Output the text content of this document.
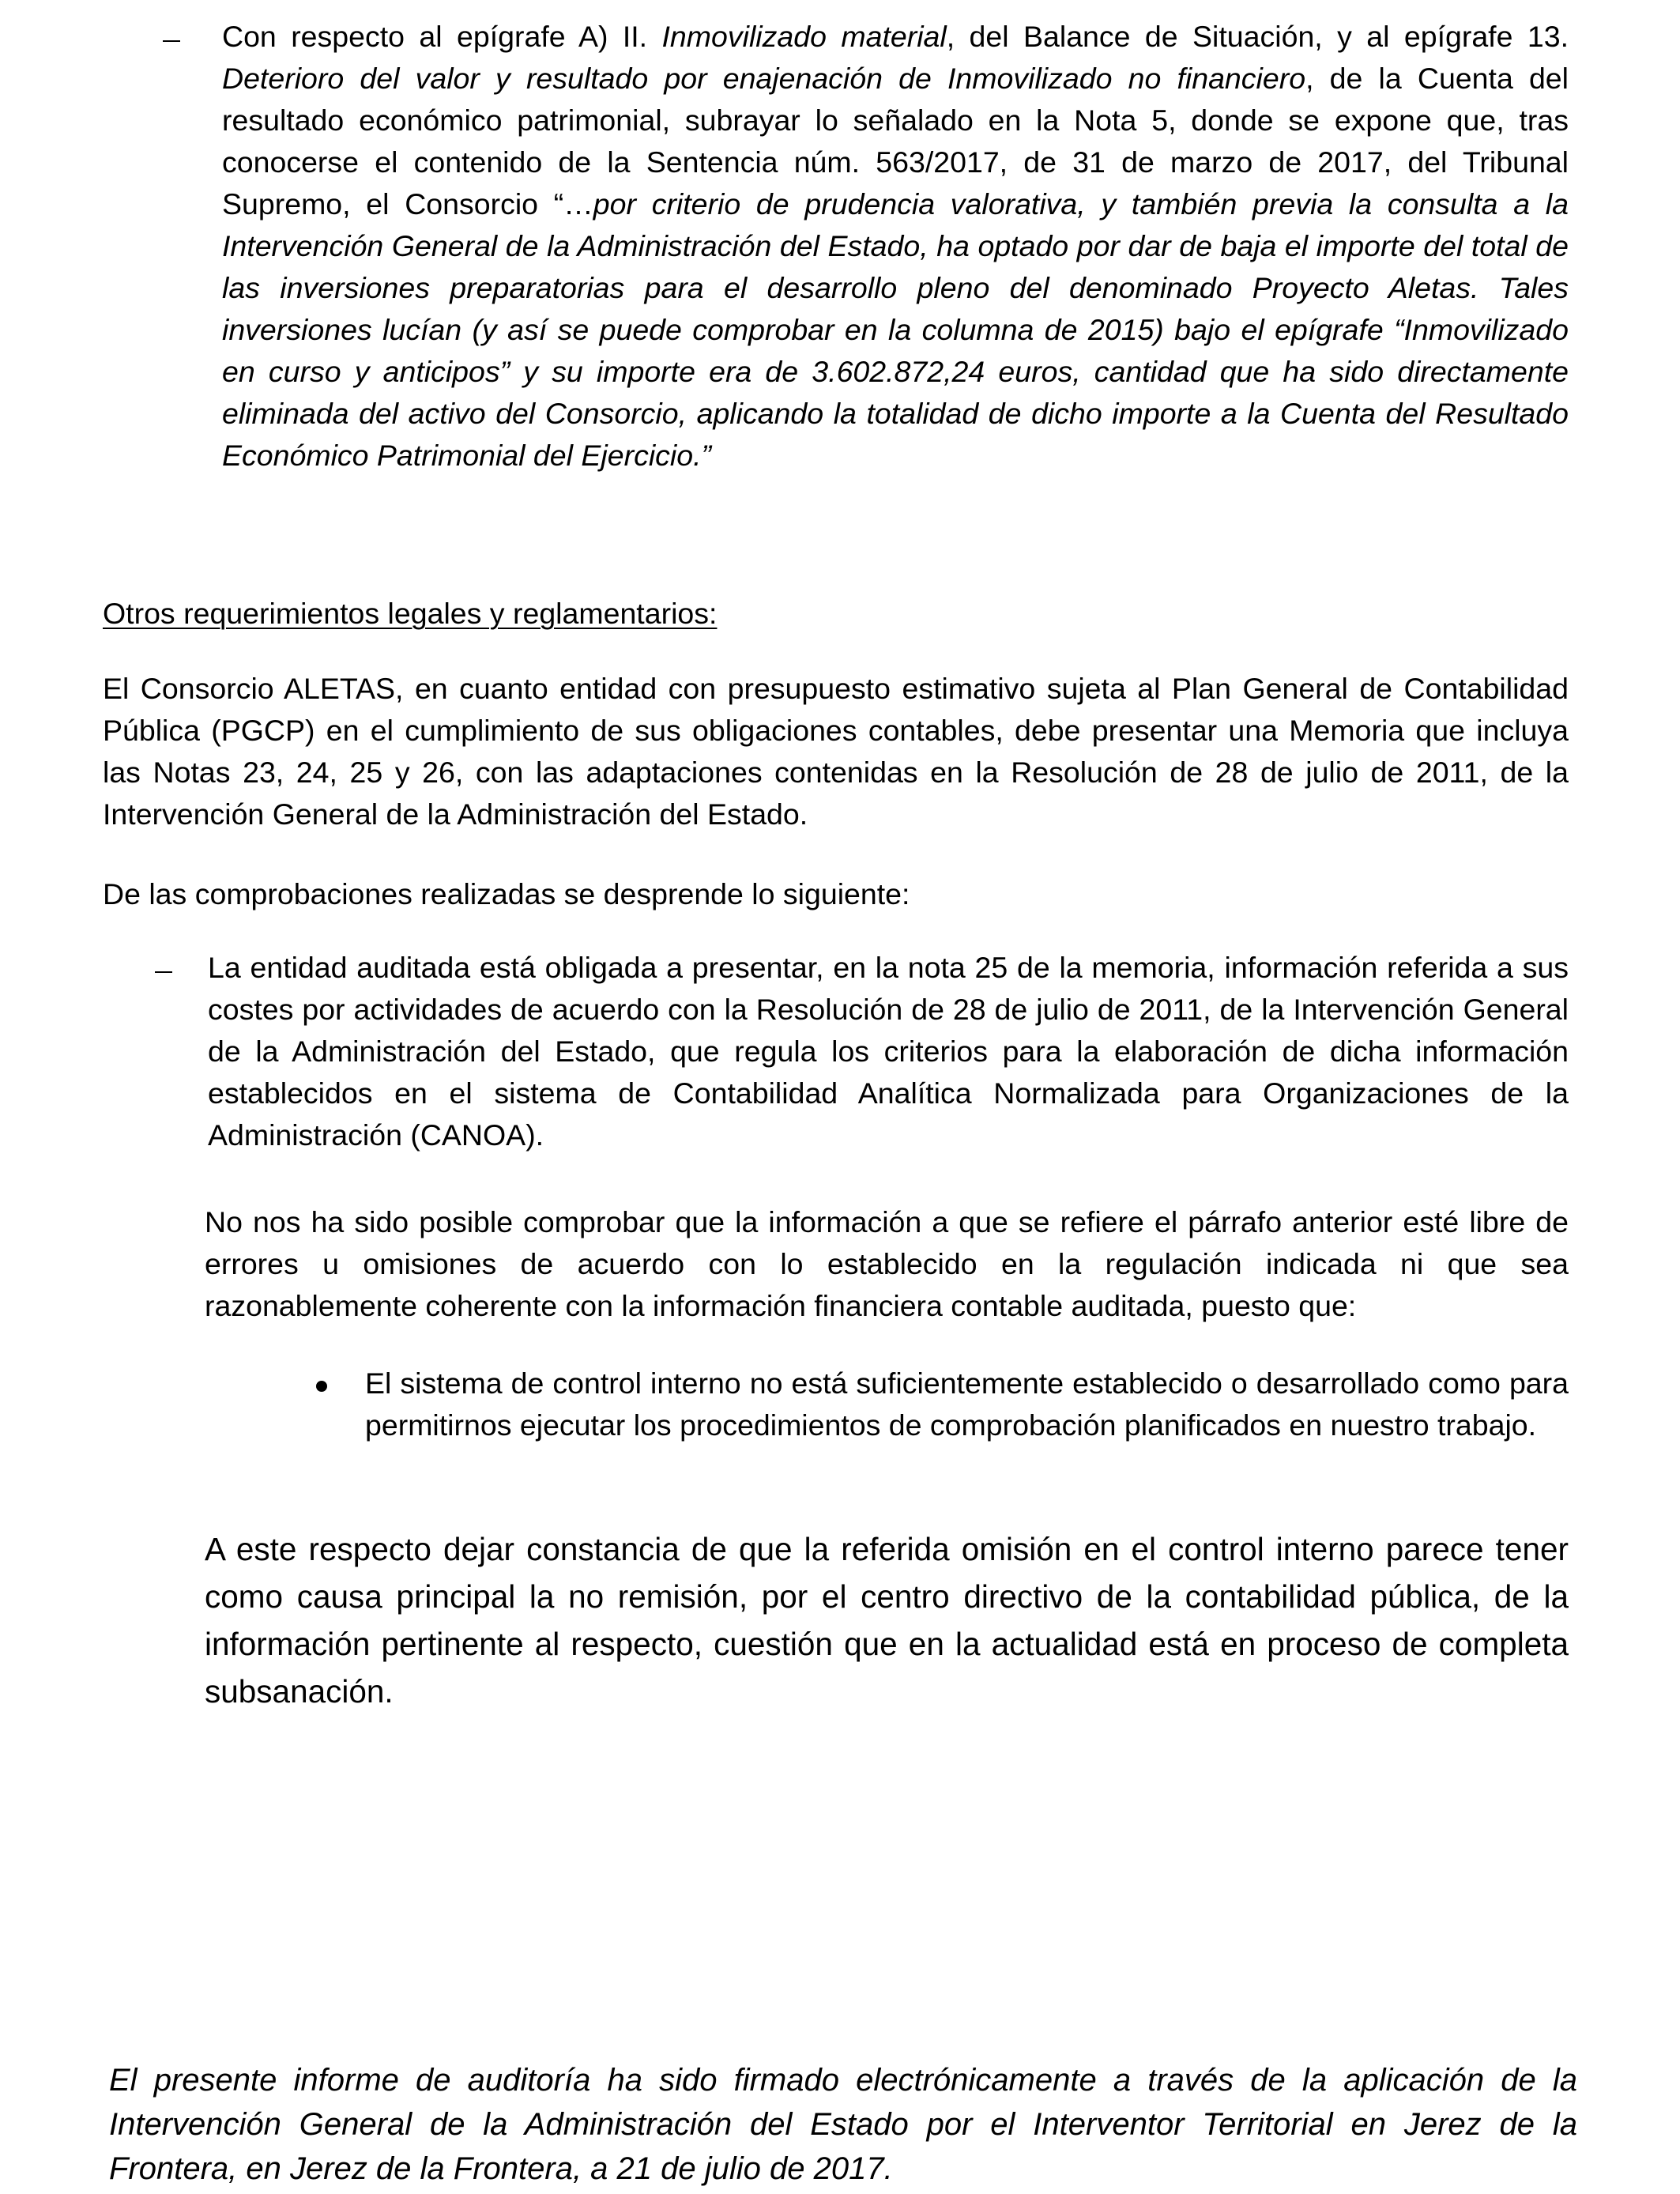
Con respecto al epígrafe A) II. Inmovilizado material, del Balance de Situación, y al epígrafe 13. Deterioro del valor y resultado por enajenación de Inmovilizado no financiero, de la Cuenta del resultado económico patrimonial, subrayar lo señalado en la Nota 5, donde se expone que, tras conocerse el contenido de la Sentencia núm. 563/2017, de 31 de marzo de 2017, del Tribunal Supremo, el Consorcio “…por criterio de prudencia valorativa, y también previa la consulta a la Intervención General de la Administración del Estado, ha optado por dar de baja el importe del total de las inversiones preparatorias para el desarrollo pleno del denominado Proyecto Aletas. Tales inversiones lucían (y así se puede comprobar en la columna de 2015) bajo el epígrafe “Inmovilizado en curso y anticipos” y su importe era de 3.602.872,24 euros, cantidad que ha sido directamente eliminada del activo del Consorcio, aplicando la totalidad de dicho importe a la Cuenta del Resultado Económico Patrimonial del Ejercicio.”

Otros requerimientos legales y reglamentarios:

El Consorcio ALETAS, en cuanto entidad con presupuesto estimativo sujeta al Plan General de Contabilidad Pública (PGCP) en el cumplimiento de sus obligaciones contables, debe presentar una Memoria que incluya las Notas 23, 24, 25 y 26, con las adaptaciones contenidas en la Resolución de 28 de julio de 2011, de la Intervención General de la Administración del Estado.

De las comprobaciones realizadas se desprende lo siguiente:

La entidad auditada está obligada a presentar, en la nota 25 de la memoria, información referida a sus costes por actividades de acuerdo con la Resolución de 28 de julio de 2011, de la Intervención General de la Administración del Estado, que regula los criterios para la elaboración de dicha información establecidos en el sistema de Contabilidad Analítica Normalizada para Organizaciones de la Administración (CANOA).

No nos ha sido posible comprobar que la información a que se refiere el párrafo anterior esté libre de errores u omisiones de acuerdo con lo establecido en la regulación indicada ni que sea razonablemente coherente con la información financiera contable auditada, puesto que:

El sistema de control interno no está suficientemente establecido o desarrollado como para permitirnos ejecutar los procedimientos de comprobación planificados en nuestro trabajo.

A este respecto dejar constancia de que la referida omisión en el control interno parece tener como causa principal la no remisión, por el centro directivo de la contabilidad pública, de la información pertinente al respecto, cuestión que en la actualidad está en proceso de completa subsanación.

El presente informe de auditoría ha sido firmado electrónicamente a través de la aplicación de la Intervención General de la Administración del Estado por el Interventor Territorial en Jerez de la Frontera, en Jerez de la Frontera, a 21 de julio de 2017.
